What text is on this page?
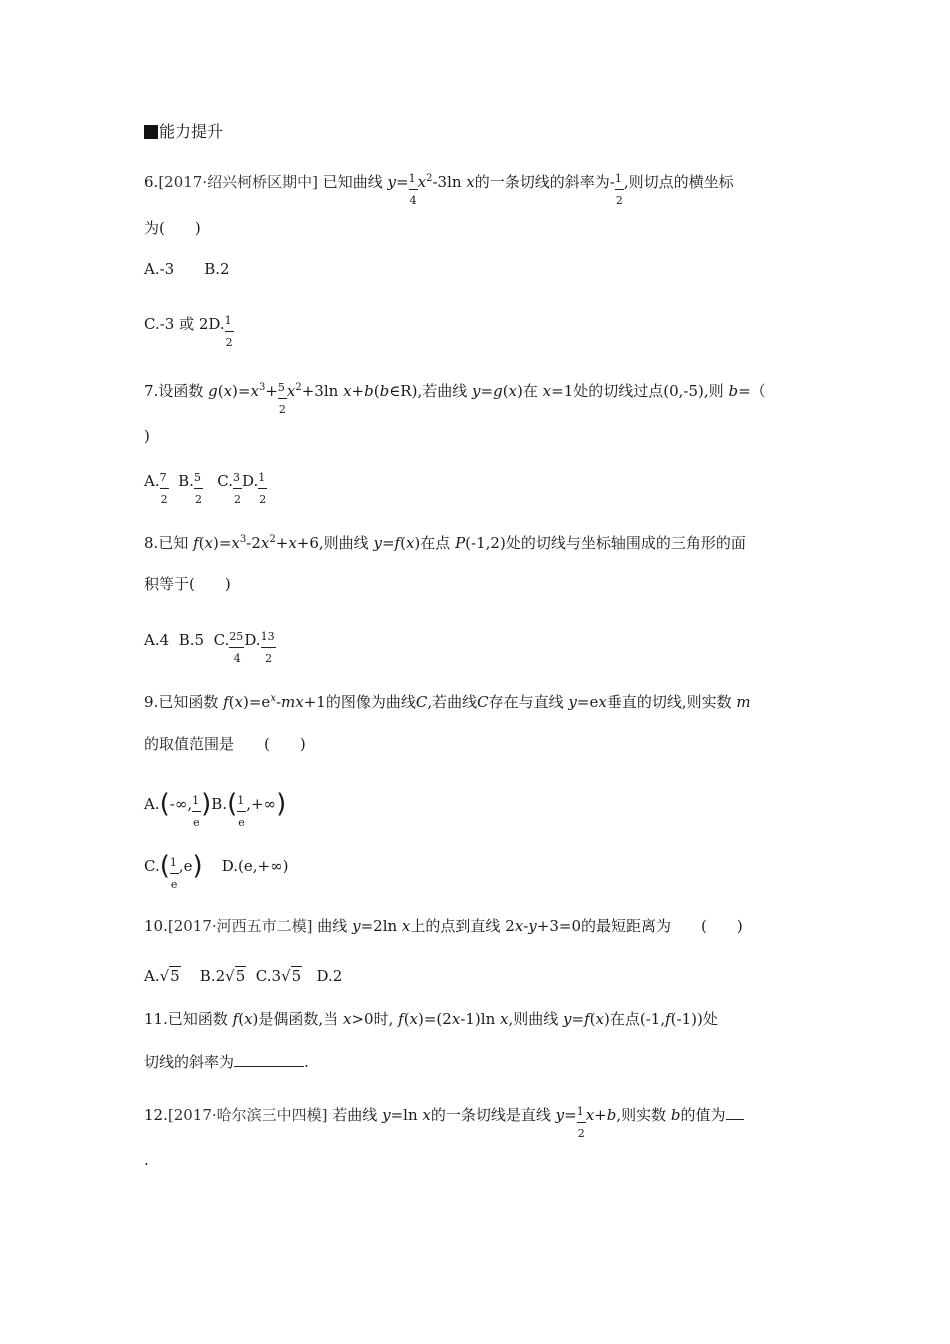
能力提升
6.[2017·绍兴柯桥区期中] 已知曲线 $y= \frac{1}{4} x^2-3\ln$ x的一条切线的斜率为- $\frac{1}{2}$ ,则切点的横坐标
为(　　)
A.-3 B.2
C.-3 或 2D. $\frac{1}{2}$
7.设函数 $g(x)=x^3+ \frac{5}{2} x^2+3\ln$ x+b(b∈R),若曲线 y=g(x)在 x=1处的切线过点(0,-5),则 b=（
)
A. $\frac{7}{2} B$. $\frac{5}{2} C$. $\frac{3}{2} D$. $\frac{1}{2}$
8.已知 $f(x)=x^3-2x^2+x+6$,则曲线 y=f(x)在点 P(-1,2)处的切线与坐标轴围成的三角形的面
积等于(　　)
A.4 B.5 C. $\frac{25}{4} D$. $\frac{13}{2}$
9.已知函数 $f(x)=e^x-mx+1$的图像为曲线C,若曲线C存在与直线 y=ex垂直的切线,则实数 m
的取值范围是　　(　　)
A.(-∞, $\frac{1}{e} )B.( \frac{1}{e}$ ,+∞)
$C.( \frac{1}{e} ,e)$ D.(e,+∞)
10.[2017·河西五市二模] 曲线 y=2ln x上的点到直线 2x-y+3=0的最短距离为　　(　　)
A.√5 B.2√5 C.3√5 D.2
11.已知函数 f(x)是偶函数,当 x>0时, f(x)=(2x-1)ln x,则曲线 y=f(x)在点(-1,f(-1))处
切线的斜率为	.
12.[2017·哈尔滨三中四模] 若曲线 y=ln x的一条切线是直线 $y= \frac{1}{2} x+b$,则实数 b的值为
.
